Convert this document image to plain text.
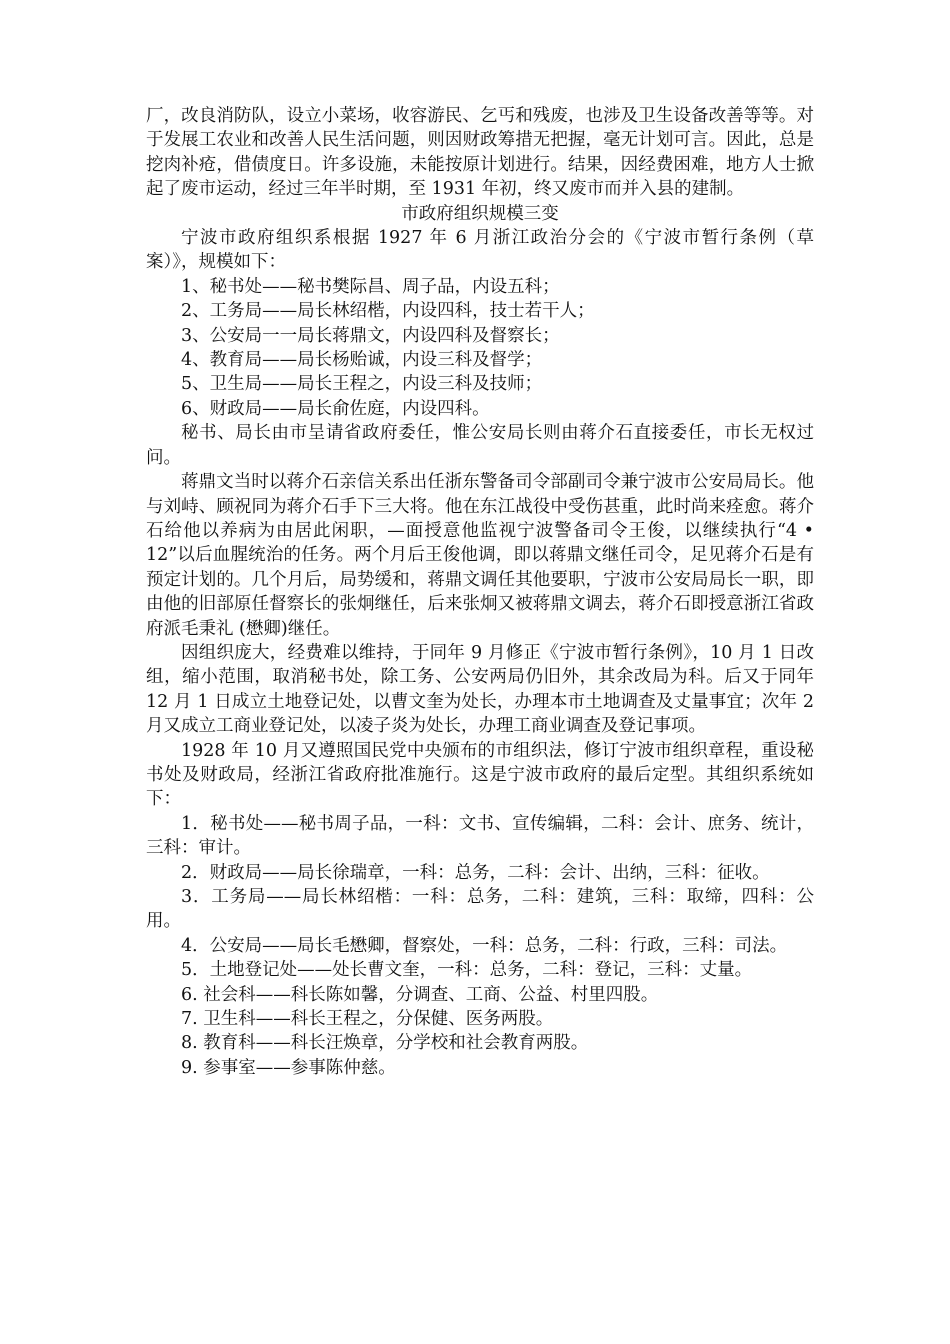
厂，改良消防队，设立小菜场，收容游民、乞丐和残废，也涉及卫生设备改善等等。对于发展工农业和改善人民生活问题，则因财政筹措无把握，毫无计划可言。因此，总是挖肉补疮，借债度日。许多设施，未能按原计划进行。结果，因经费困难，地方人士掀起了废市运动，经过三年半时期，至 1931 年初，终又废市而并入县的建制。

市政府组织规模三变

宁波市政府组织系根据 1927 年 6 月浙江政治分会的《宁波市暂行条例（草案）》，规模如下：

1、秘书处——秘书樊际昌、周子品，内设五科；

2、工务局——局长林绍楷，内设四科，技士若干人；

3、公安局一一局长蒋鼎文，内设四科及督察长；

4、教育局——局长杨贻诚，内设三科及督学；

5、卫生局——局长王程之，内设三科及技师；

6、财政局——局长俞佐庭，内设四科。

秘书、局长由市呈请省政府委任，惟公安局长则由蒋介石直接委任，市长无权过问。

蒋鼎文当时以蒋介石亲信关系出任浙东警备司令部副司令兼宁波市公安局局长。他与刘峙、顾祝同为蒋介石手下三大将。他在东江战役中受伤甚重，此时尚来痊愈。蒋介石给他以养病为由居此闲职，—面授意他监视宁波警备司令王俊，以继续执行“4 • 12”以后血腥统治的任务。两个月后王俊他调，即以蒋鼎文继任司令，足见蒋介石是有预定计划的。几个月后，局势缓和，蒋鼎文调任其他要职，宁波市公安局局长一职，即由他的旧部原任督察长的张炯继任，后来张炯又被蒋鼎文调去，蒋介石即授意浙江省政府派毛秉礼 (懋卿)继任。

因组织庞大，经费难以维持，于同年 9 月修正《宁波市暂行条例》，10 月 1 日改组，缩小范围，取消秘书处，除工务、公安两局仍旧外，其余改局为科。后又于同年 12 月 1 日成立土地登记处，以曹文奎为处长，办理本市土地调查及丈量事宜；次年 2 月又成立工商业登记处，以凌子炎为处长，办理工商业调查及登记事项。

1928 年 10 月又遵照国民党中央颁布的市组织法，修订宁波市组织章程，重设秘书处及财政局，经浙江省政府批准施行。这是宁波市政府的最后定型。其组织系统如下：

1．秘书处——秘书周子品，一科：文书、宣传编辑，二科：会计、庶务、统计，三科：审计。

2．财政局——局长徐瑞章，一科：总务，二科：会计、出纳，三科：征收。

3．工务局——局长林绍楷：一科：总务，二科：建筑，三科：取缔，四科：公用。

4．公安局——局长毛懋卿，督察处，一科：总务，二科：行政，三科：司法。

5．土地登记处——处长曹文奎，一科：总务，二科：登记，三科：丈量。

6. 社会科——科长陈如馨，分调查、工商、公益、村里四股。

7. 卫生科——科长王程之，分保健、医务两股。

8. 教育科——科长汪焕章，分学校和社会教育两股。

9. 参事室——参事陈仲慈。
